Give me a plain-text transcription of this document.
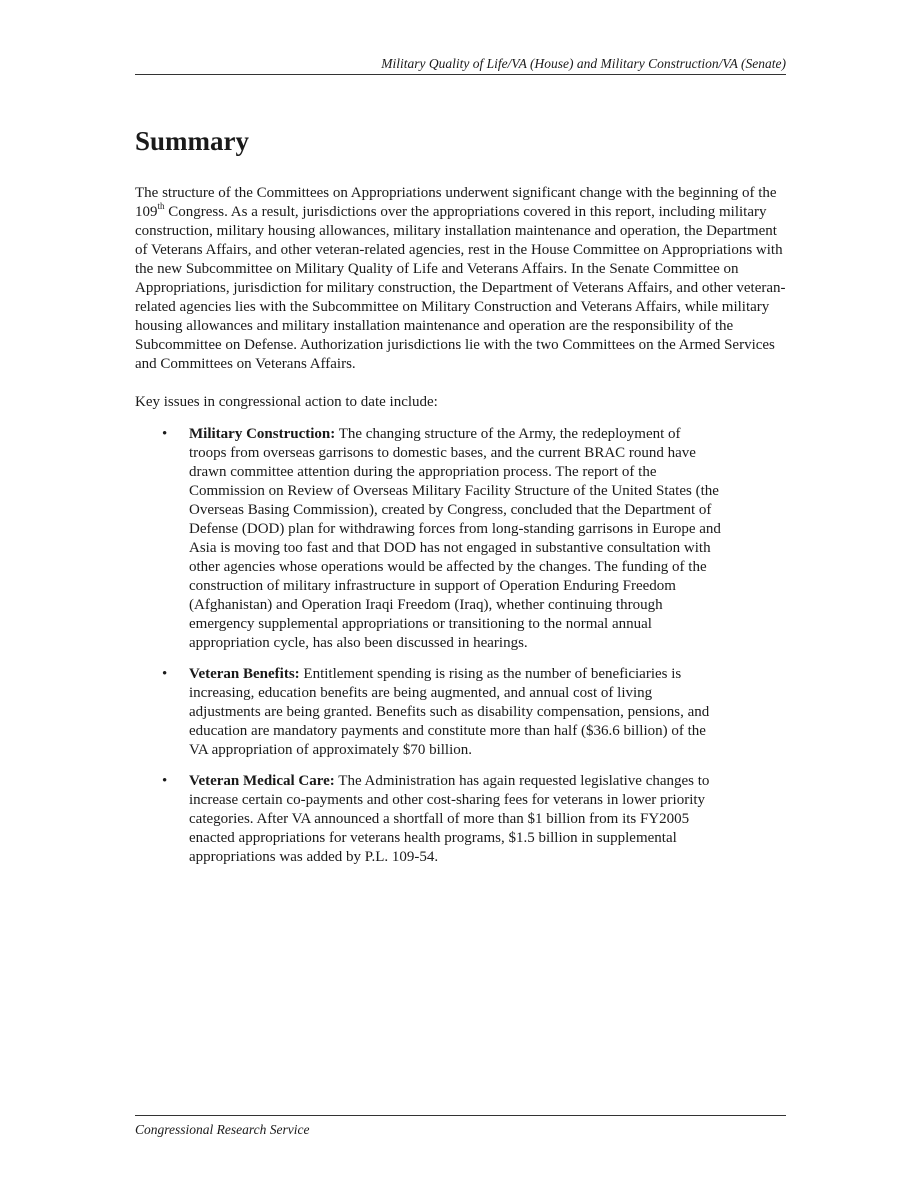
Military Quality of Life/VA (House) and Military Construction/VA (Senate)
Summary

The structure of the Committees on Appropriations underwent significant change with the beginning of the 109th Congress. As a result, jurisdictions over the appropriations covered in this report, including military construction, military housing allowances, military installation maintenance and operation, the Department of Veterans Affairs, and other veteran-related agencies, rest in the House Committee on Appropriations with the new Subcommittee on Military Quality of Life and Veterans Affairs. In the Senate Committee on Appropriations, jurisdiction for military construction, the Department of Veterans Affairs, and other veteran-related agencies lies with the Subcommittee on Military Construction and Veterans Affairs, while military housing allowances and military installation maintenance and operation are the responsibility of the Subcommittee on Defense. Authorization jurisdictions lie with the two Committees on the Armed Services and Committees on Veterans Affairs.

Key issues in congressional action to date include:

• Military Construction: The changing structure of the Army, the redeployment of troops from overseas garrisons to domestic bases, and the current BRAC round have drawn committee attention during the appropriation process. The report of the Commission on Review of Overseas Military Facility Structure of the United States (the Overseas Basing Commission), created by Congress, concluded that the Department of Defense (DOD) plan for withdrawing forces from long-standing garrisons in Europe and Asia is moving too fast and that DOD has not engaged in substantive consultation with other agencies whose operations would be affected by the changes. The funding of the construction of military infrastructure in support of Operation Enduring Freedom (Afghanistan) and Operation Iraqi Freedom (Iraq), whether continuing through emergency supplemental appropriations or transitioning to the normal annual appropriation cycle, has also been discussed in hearings.
• Veteran Benefits: Entitlement spending is rising as the number of beneficiaries is increasing, education benefits are being augmented, and annual cost of living adjustments are being granted. Benefits such as disability compensation, pensions, and education are mandatory payments and constitute more than half ($36.6 billion) of the VA appropriation of approximately $70 billion.
• Veteran Medical Care: The Administration has again requested legislative changes to increase certain co-payments and other cost-sharing fees for veterans in lower priority categories. After VA announced a shortfall of more than $1 billion from its FY2005 enacted appropriations for veterans health programs, $1.5 billion in supplemental appropriations was added by P.L. 109-54.
Congressional Research Service
